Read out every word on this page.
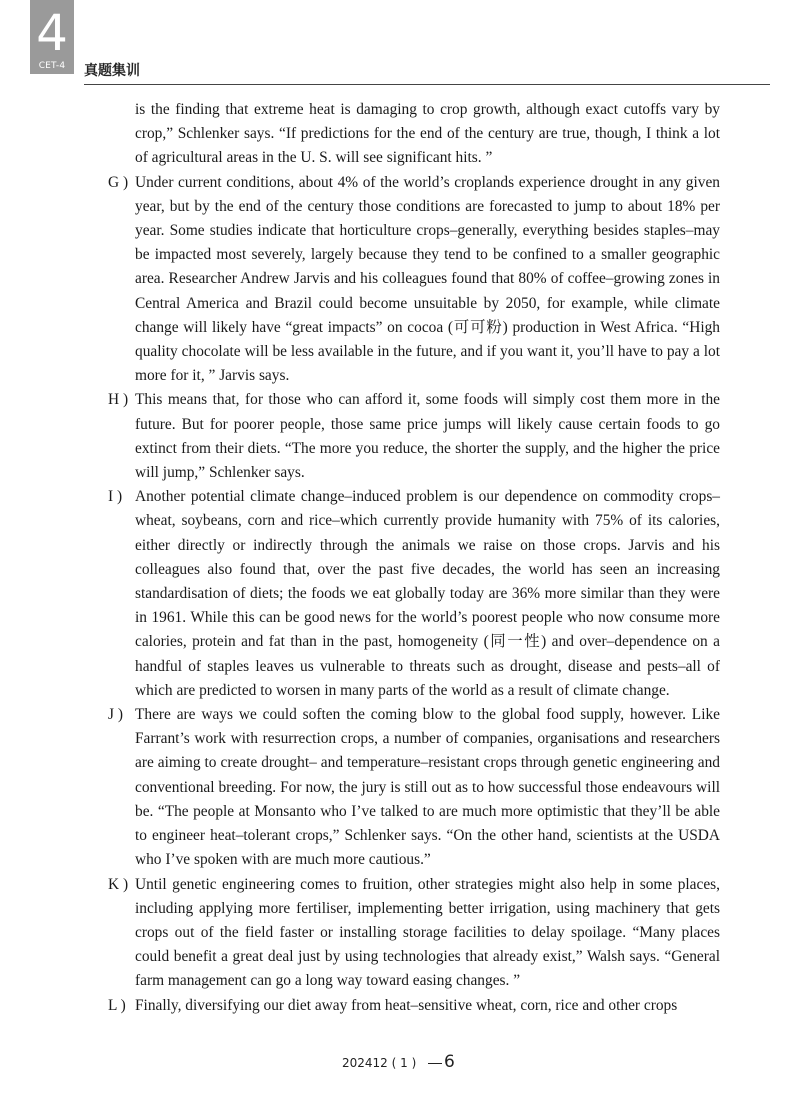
4
CET-4	真题集训

is the finding that extreme heat is damaging to crop growth, although exact cutoffs vary by crop,” Schlenker says. “If predictions for the end of the century are true, though, I think a lot of agricultural areas in the U. S. will see significant hits. ”

G ) Under current conditions, about 4% of the world’s croplands experience drought in any given year, but by the end of the century those conditions are forecasted to jump to about 18% per year. Some studies indicate that horticulture crops–generally, everything besides staples–may be impacted most severely, largely because they tend to be confined to a smaller geographic area. Researcher Andrew Jarvis and his colleagues found that 80% of coffee–growing zones in Central America and Brazil could become unsuitable by 2050, for example, while climate change will likely have “great impacts” on cocoa (可可粉) production in West Africa. “High quality chocolate will be less available in the future, and if you want it, you’ll have to pay a lot more for it, ” Jarvis says.
H ) This means that, for those who can afford it, some foods will simply cost them more in the future. But for poorer people, those same price jumps will likely cause certain foods to go extinct from their diets. “The more you reduce, the shorter the supply, and the higher the price will jump,” Schlenker says.
I ) Another potential climate change–induced problem is our dependence on commodity crops–wheat, soybeans, corn and rice–which currently provide humanity with 75% of its calories, either directly or indirectly through the animals we raise on those crops. Jarvis and his colleagues also found that, over the past five decades, the world has seen an increasing standardisation of diets; the foods we eat globally today are 36% more similar than they were in 1961. While this can be good news for the world’s poorest people who now consume more calories, protein and fat than in the past, homogeneity (同一性) and over–dependence on a handful of staples leaves us vulnerable to threats such as drought, disease and pests–all of which are predicted to worsen in many parts of the world as a result of climate change.
J ) There are ways we could soften the coming blow to the global food supply, however. Like Farrant’s work with resurrection crops, a number of companies, organisations and researchers are aiming to create drought– and temperature–resistant crops through genetic engineering and conventional breeding. For now, the jury is still out as to how successful those endeavours will be. “The people at Monsanto who I’ve talked to are much more optimistic that they’ll be able to engineer heat–tolerant crops,” Schlenker says. “On the other hand, scientists at the USDA who I’ve spoken with are much more cautious.”
K ) Until genetic engineering comes to fruition, other strategies might also help in some places, including applying more fertiliser, implementing better irrigation, using machinery that gets crops out of the field faster or installing storage facilities to delay spoilage. “Many places could benefit a great deal just by using technologies that already exist,” Walsh says. “General farm management can go a long way toward easing changes. ”
L ) Finally, diversifying our diet away from heat–sensitive wheat, corn, rice and other crops
202412 ( 1 ) 6
